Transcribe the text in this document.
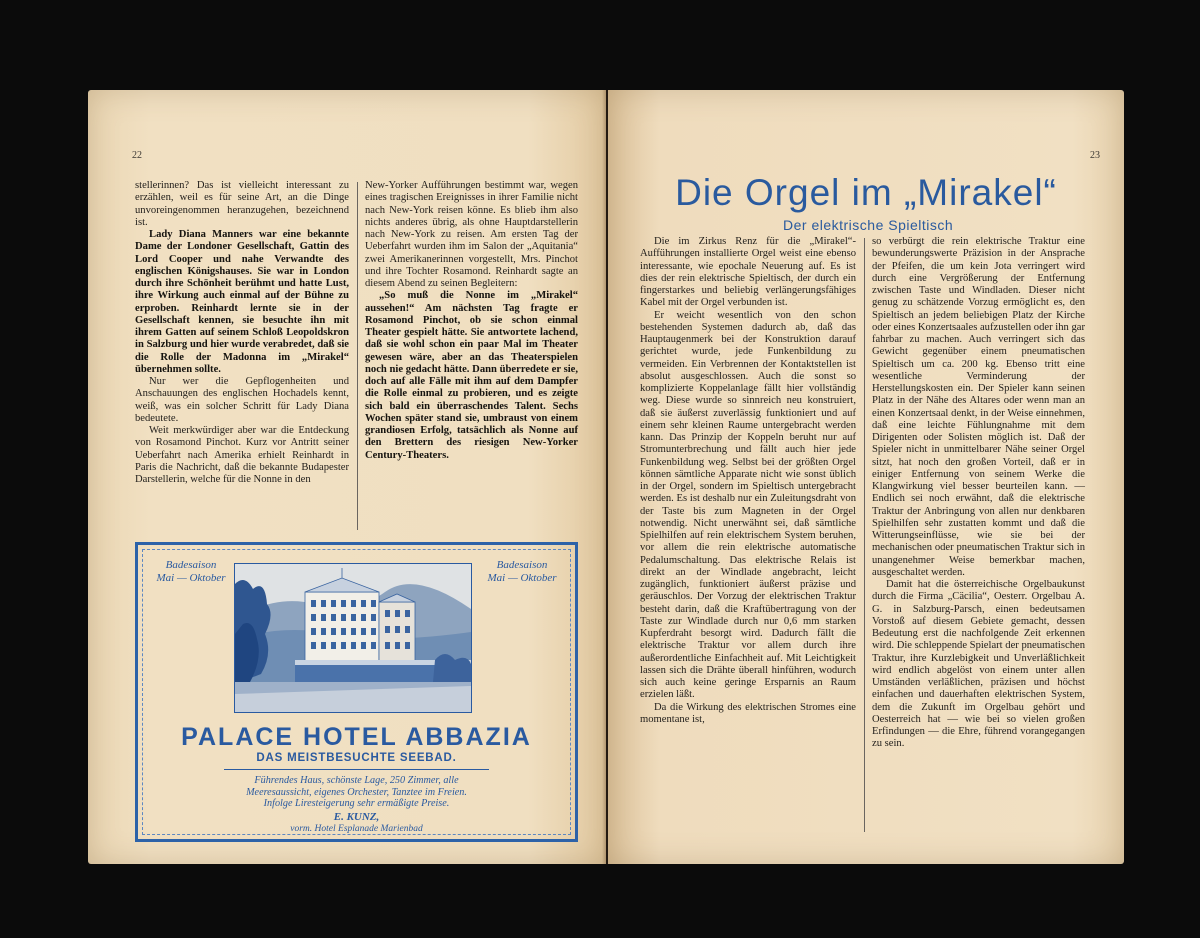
22

stellerinnen? Das ist vielleicht interessant zu erzählen, weil es für seine Art, an die Dinge unvoreingenommen heranzugehen, bezeichnend ist.

Lady Diana Manners war eine bekannte Dame der Londoner Gesellschaft, Gattin des Lord Cooper und nahe Verwandte des englischen Königshauses. Sie war in London durch ihre Schönheit berühmt und hatte Lust, ihre Wirkung auch einmal auf der Bühne zu erproben. Reinhardt lernte sie in der Gesellschaft kennen, sie besuchte ihn mit ihrem Gatten auf seinem Schloß Leopoldskron in Salzburg und hier wurde verabredet, daß sie die Rolle der Madonna im „Mirakel“ übernehmen sollte.

Nur wer die Gepflogenheiten und Anschauungen des englischen Hochadels kennt, weiß, was ein solcher Schritt für Lady Diana bedeutete.

Weit merkwürdiger aber war die Entdeckung von Rosamond Pinchot. Kurz vor Antritt seiner Ueberfahrt nach Amerika erhielt Reinhardt in Paris die Nachricht, daß die bekannte Budapester Darstellerin, welche für die Nonne in den

New-Yorker Aufführungen bestimmt war, wegen eines tragischen Ereignisses in ihrer Familie nicht nach New-York reisen könne. Es blieb ihm also nichts anderes übrig, als ohne Hauptdarstellerin nach New-York zu reisen. Am ersten Tag der Ueberfahrt wurden ihm im Salon der „Aquitania“ zwei Amerikanerinnen vorgestellt, Mrs. Pinchot und ihre Tochter Rosamond. Reinhardt sagte an diesem Abend zu seinen Begleitern:

„So muß die Nonne im „Mirakel“ aussehen!“ Am nächsten Tag fragte er Rosamond Pinchot, ob sie schon einmal Theater gespielt hätte. Sie antwortete lachend, daß sie wohl schon ein paar Mal im Theater gewesen wäre, aber an das Theaterspielen noch nie gedacht hätte. Dann überredete er sie, doch auf alle Fälle mit ihm auf dem Dampfer die Rolle einmal zu probieren, und es zeigte sich bald ein überraschendes Talent. Sechs Wochen später stand sie, umbraust von einem grandiosen Erfolg, tatsächlich als Nonne auf den Brettern des riesigen New-Yorker Century-Theaters.

Badesaison
Mai — Oktober
Badesaison
Mai — Oktober
PALACE HOTEL ABBAZIA
DAS MEISTBESUCHTE SEEBAD.
Führendes Haus, schönste Lage, 250 Zimmer, alle
Meeresaussicht, eigenes Orchester, Tanztee im Freien.
Infolge Liresteigerung sehr ermäßigte Preise.
E. KUNZ,
vorm. Hotel Esplanade Marienbad
23
Die Orgel im „Mirakel“
Der elektrische Spieltisch

Die im Zirkus Renz für die „Mirakel“-Aufführungen installierte Orgel weist eine ebenso interessante, wie epochale Neuerung auf. Es ist dies der rein elektrische Spieltisch, der durch ein fingerstarkes und beliebig verlängerungsfähiges Kabel mit der Orgel verbunden ist.

Er weicht wesentlich von den schon bestehenden Systemen dadurch ab, daß das Hauptaugenmerk bei der Konstruktion darauf gerichtet wurde, jede Funkenbildung zu vermeiden. Ein Verbrennen der Kontaktstellen ist absolut ausgeschlossen. Auch die sonst so komplizierte Koppelanlage fällt hier vollständig weg. Diese wurde so sinnreich neu konstruiert, daß sie äußerst zuverlässig funktioniert und auf einem sehr kleinen Raume untergebracht werden kann. Das Prinzip der Koppeln beruht nur auf Stromunterbrechung und fällt auch hier jede Funkenbildung weg. Selbst bei der größten Orgel können sämtliche Apparate nicht wie sonst üblich in der Orgel, sondern im Spieltisch untergebracht werden. Es ist deshalb nur ein Zuleitungsdraht von der Taste bis zum Magneten in der Orgel notwendig. Nicht unerwähnt sei, daß sämtliche Spielhilfen auf rein elektrischem System beruhen, vor allem die rein elektrische automatische Pedalumschaltung. Das elektrische Relais ist direkt an der Windlade angebracht, leicht zugänglich, funktioniert äußerst präzise und geräuschlos. Der Vorzug der elektrischen Traktur besteht darin, daß die Kraftübertragung von der Taste zur Windlade durch nur 0,6 mm starken Kupferdraht besorgt wird. Dadurch fällt die elektrische Traktur vor allem durch ihre außerordentliche Einfachheit auf. Mit Leichtigkeit lassen sich die Drähte überall hinführen, wodurch sich auch keine geringe Ersparnis an Raum erzielen läßt.

Da die Wirkung des elektrischen Stromes eine momentane ist,

so verbürgt die rein elektrische Traktur eine bewunderungswerte Präzision in der Ansprache der Pfeifen, die um kein Jota verringert wird durch eine Vergrößerung der Entfernung zwischen Taste und Windladen. Dieser nicht genug zu schätzende Vorzug ermöglicht es, den Spieltisch an jedem beliebigen Platz der Kirche oder eines Konzertsaales aufzustellen oder ihn gar fahrbar zu machen. Auch verringert sich das Gewicht gegenüber einem pneumatischen Spieltisch um ca. 200 kg. Ebenso tritt eine wesentliche Verminderung der Herstellungskosten ein. Der Spieler kann seinen Platz in der Nähe des Altares oder wenn man an einen Konzertsaal denkt, in der Weise einnehmen, daß eine leichte Fühlungnahme mit dem Dirigenten oder Solisten möglich ist. Daß der Spieler nicht in unmittelbarer Nähe seiner Orgel sitzt, hat noch den großen Vorteil, daß er in einiger Entfernung von seinem Werke die Klangwirkung viel besser beurteilen kann. — Endlich sei noch erwähnt, daß die elektrische Traktur der Anbringung von allen nur denkbaren Spielhilfen sehr zustatten kommt und daß die Witterungseinflüsse, wie sie bei der mechanischen oder pneumatischen Traktur sich in unangenehmer Weise bemerkbar machen, ausgeschaltet werden.

Damit hat die österreichische Orgelbaukunst durch die Firma „Cäcilia“, Oesterr. Orgelbau A. G. in Salzburg-Parsch, einen bedeutsamen Vorstoß auf diesem Gebiete gemacht, dessen Bedeutung erst die nachfolgende Zeit erkennen wird. Die schleppende Spielart der pneumatischen Traktur, ihre Kurzlebigkeit und Unverläßlichkeit wird endlich abgelöst von einem unter allen Umständen verläßlichen, präzisen und höchst einfachen und dauerhaften elektrischen System, dem die Zukunft im Orgelbau gehört und Oesterreich hat — wie bei so vielen großen Erfindungen — die Ehre, führend vorangegangen zu sein.
